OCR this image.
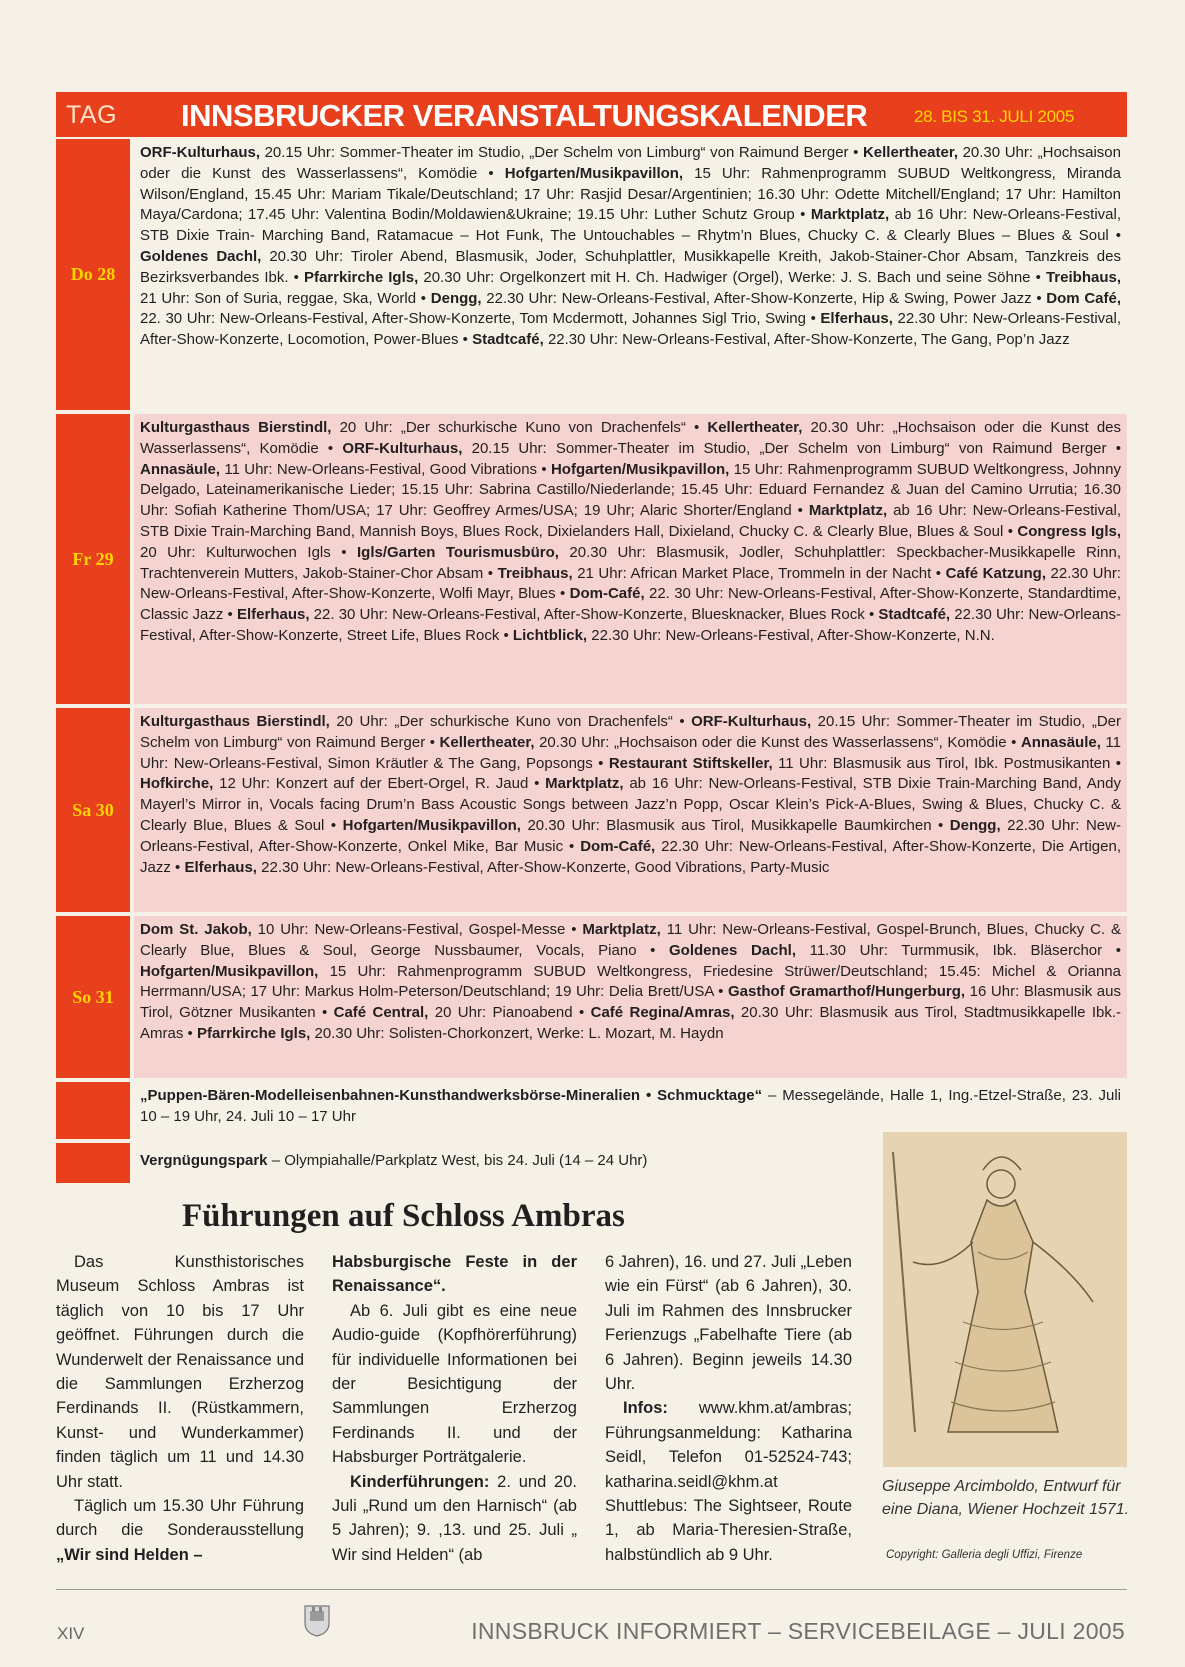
TAG INNSBRUCKER VERANSTALTUNGSKALENDER	28. BIS 31. JULI 2005
Do 28
ORF-Kulturhaus, 20.15 Uhr: Sommer-Theater im Studio, „Der Schelm von Limburg“ von Raimund Berger • Kellertheater, 20.30 Uhr: „Hochsaison oder die Kunst des Wasserlassens“, Komödie • Hofgarten/Musikpavillon, 15 Uhr: Rahmenprogramm SUBUD Weltkongress, Miranda Wilson/England, 15.45 Uhr: Mariam Tikale/Deutschland; 17 Uhr: Rasjid Desar/Argentinien; 16.30 Uhr: Odette Mitchell/England; 17 Uhr: Hamilton Maya/Cardona; 17.45 Uhr: Valentina Bodin/Moldawien&Ukraine; 19.15 Uhr: Luther Schutz Group • Marktplatz, ab 16 Uhr: New-Orleans-Festival, STB Dixie Train- Marching Band, Ratamacue – Hot Funk, The Untouchables – Rhytm’n Blues, Chucky C. & Clearly Blues – Blues & Soul • Goldenes Dachl, 20.30 Uhr: Tiroler Abend, Blasmusik, Joder, Schuhplattler, Musikkapelle Kreith, Jakob-Stainer-Chor Absam, Tanzkreis des Bezirksverbandes Ibk. • Pfarrkirche Igls, 20.30 Uhr: Orgelkonzert mit H. Ch. Hadwiger (Orgel), Werke: J. S. Bach und seine Söhne • Treibhaus, 21 Uhr: Son of Suria, reggae, Ska, World • Dengg, 22.30 Uhr: New-Orleans-Festival, After-Show-Konzerte, Hip & Swing, Power Jazz • Dom Café, 22. 30 Uhr: New-Orleans-Festival, After-Show-Konzerte, Tom Mcdermott, Johannes Sigl Trio, Swing • Elferhaus, 22.30 Uhr: New-Orleans-Festival, After-Show-Konzerte, Locomotion, Power-Blues • Stadtcafé, 22.30 Uhr: New-Orleans-Festival, After-Show-Konzerte, The Gang, Pop’n Jazz
Fr 29
Kulturgasthaus Bierstindl, 20 Uhr: „Der schurkische Kuno von Drachenfels“ • Kellertheater, 20.30 Uhr: „Hochsaison oder die Kunst des Wasserlassens“, Komödie • ORF-Kulturhaus, 20.15 Uhr: Sommer-Theater im Studio, „Der Schelm von Limburg“ von Raimund Berger • Annasäule, 11 Uhr: New-Orleans-Festival, Good Vibrations • Hofgarten/Musikpavillon, 15 Uhr: Rahmenprogramm SUBUD Weltkongress, Johnny Delgado, Lateinamerikanische Lieder; 15.15 Uhr: Sabrina Castillo/Niederlande; 15.45 Uhr: Eduard Fernandez & Juan del Camino Urrutia; 16.30 Uhr: Sofiah Katherine Thom/USA; 17 Uhr: Geoffrey Armes/USA; 19 Uhr; Alaric Shorter/England • Marktplatz, ab 16 Uhr: New-Orleans-Festival, STB Dixie Train-Marching Band, Mannish Boys, Blues Rock, Dixielanders Hall, Dixieland, Chucky C. & Clearly Blue, Blues & Soul • Congress Igls, 20 Uhr: Kulturwochen Igls • Igls/Garten Tourismusbüro, 20.30 Uhr: Blasmusik, Jodler, Schuhplattler: Speckbacher-Musikkapelle Rinn, Trachtenverein Mutters, Jakob-Stainer-Chor Absam • Treibhaus, 21 Uhr: African Market Place, Trommeln in der Nacht • Café Katzung, 22.30 Uhr: New-Orleans-Festival, After-Show-Konzerte, Wolfi Mayr, Blues • Dom-Café, 22. 30 Uhr: New-Orleans-Festival, After-Show-Konzerte, Standardtime, Classic Jazz • Elferhaus, 22. 30 Uhr: New-Orleans-Festival, After-Show-Konzerte, Bluesknacker, Blues Rock • Stadtcafé, 22.30 Uhr: New-Orleans-Festival, After-Show-Konzerte, Street Life, Blues Rock • Lichtblick, 22.30 Uhr: New-Orleans-Festival, After-Show-Konzerte, N.N.
Sa 30
Kulturgasthaus Bierstindl, 20 Uhr: „Der schurkische Kuno von Drachenfels“ • ORF-Kulturhaus, 20.15 Uhr: Sommer-Theater im Studio, „Der Schelm von Limburg“ von Raimund Berger • Kellertheater, 20.30 Uhr: „Hochsaison oder die Kunst des Wasserlassens“, Komödie • Annasäule, 11 Uhr: New-Orleans-Festival, Simon Kräutler & The Gang, Popsongs • Restaurant Stiftskeller, 11 Uhr: Blasmusik aus Tirol, Ibk. Postmusikanten • Hofkirche, 12 Uhr: Konzert auf der Ebert-Orgel, R. Jaud • Marktplatz, ab 16 Uhr: New-Orleans-Festival, STB Dixie Train-Marching Band, Andy Mayerl’s Mirror in, Vocals facing Drum’n Bass Acoustic Songs between Jazz’n Popp, Oscar Klein’s Pick-A-Blues, Swing & Blues, Chucky C. & Clearly Blue, Blues & Soul • Hofgarten/Musikpavillon, 20.30 Uhr: Blasmusik aus Tirol, Musikkapelle Baumkirchen • Dengg, 22.30 Uhr: New-Orleans-Festival, After-Show-Konzerte, Onkel Mike, Bar Music • Dom-Café, 22.30 Uhr: New-Orleans-Festival, After-Show-Konzerte, Die Artigen, Jazz • Elferhaus, 22.30 Uhr: New-Orleans-Festival, After-Show-Konzerte, Good Vibrations, Party-Music
So 31
Dom St. Jakob, 10 Uhr: New-Orleans-Festival, Gospel-Messe • Marktplatz, 11 Uhr: New-Orleans-Festival, Gospel-Brunch, Blues, Chucky C. & Clearly Blue, Blues & Soul, George Nussbaumer, Vocals, Piano • Goldenes Dachl, 11.30 Uhr: Turmmusik, Ibk. Bläserchor • Hofgarten/Musikpavillon, 15 Uhr: Rahmenprogramm SUBUD Weltkongress, Friedesine Strüwer/Deutschland; 15.45: Michel & Orianna Herrmann/USA; 17 Uhr: Markus Holm-Peterson/Deutschland; 19 Uhr: Delia Brett/USA • Gasthof Gramarthof/Hungerburg, 16 Uhr: Blasmusik aus Tirol, Götzner Musikanten • Café Central, 20 Uhr: Pianoabend • Café Regina/Amras, 20.30 Uhr: Blasmusik aus Tirol, Stadtmusikkapelle Ibk.-Amras • Pfarrkirche Igls, 20.30 Uhr: Solisten-Chorkonzert, Werke: L. Mozart, M. Haydn
„Puppen-Bären-Modelleisenbahnen-Kunsthandwerksbörse-Mineralien • Schmucktage“ – Messegelände, Halle 1, Ing.-Etzel-Straße, 23. Juli 10 – 19 Uhr, 24. Juli 10 – 17 Uhr
Vergnügungspark – Olympiahalle/Parkplatz West, bis 24. Juli (14 – 24 Uhr)
Führungen auf Schloss Ambras

Das Kunsthistorisches Museum Schloss Ambras ist täglich von 10 bis 17 Uhr geöffnet. Führungen durch die Wunderwelt der Renaissance und die Sammlungen Erzherzog Ferdinands II. (Rüstkammern, Kunst- und Wunderkammer) finden täglich um 11 und 14.30 Uhr statt.

Täglich um 15.30 Uhr Führung durch die Sonderausstellung „Wir sind Helden –

Habsburgische Feste in der Renaissance“.

Ab 6. Juli gibt es eine neue Audio-guide (Kopfhörerführung) für individuelle Informationen bei der Besichtigung der Sammlungen Erzherzog Ferdinands II. und der Habsburger Porträtgalerie.

Kinderführungen: 2. und 20. Juli „Rund um den Harnisch“ (ab 5 Jahren); 9. ,13. und 25. Juli „ Wir sind Helden“ (ab

6 Jahren), 16. und 27. Juli „Leben wie ein Fürst“ (ab 6 Jahren), 30. Juli im Rahmen des Innsbrucker Ferienzugs „Fabelhafte Tiere (ab 6 Jahren). Beginn jeweils 14.30 Uhr.

Infos: www.khm.at/ambras; Führungsanmeldung: Katharina Seidl, Telefon 01-52524-743; katharina.seidl@khm.at Shuttlebus: The Sightseer, Route 1, ab Maria-Theresien-Straße, halbstündlich ab 9 Uhr.

Giuseppe Arcimboldo, Entwurf für eine Diana, Wiener Hochzeit 1571.
Copyright: Galleria degli Uffizi, Firenze
XIV	INNSBRUCK INFORMIERT – SERVICEBEILAGE – JULI 2005
